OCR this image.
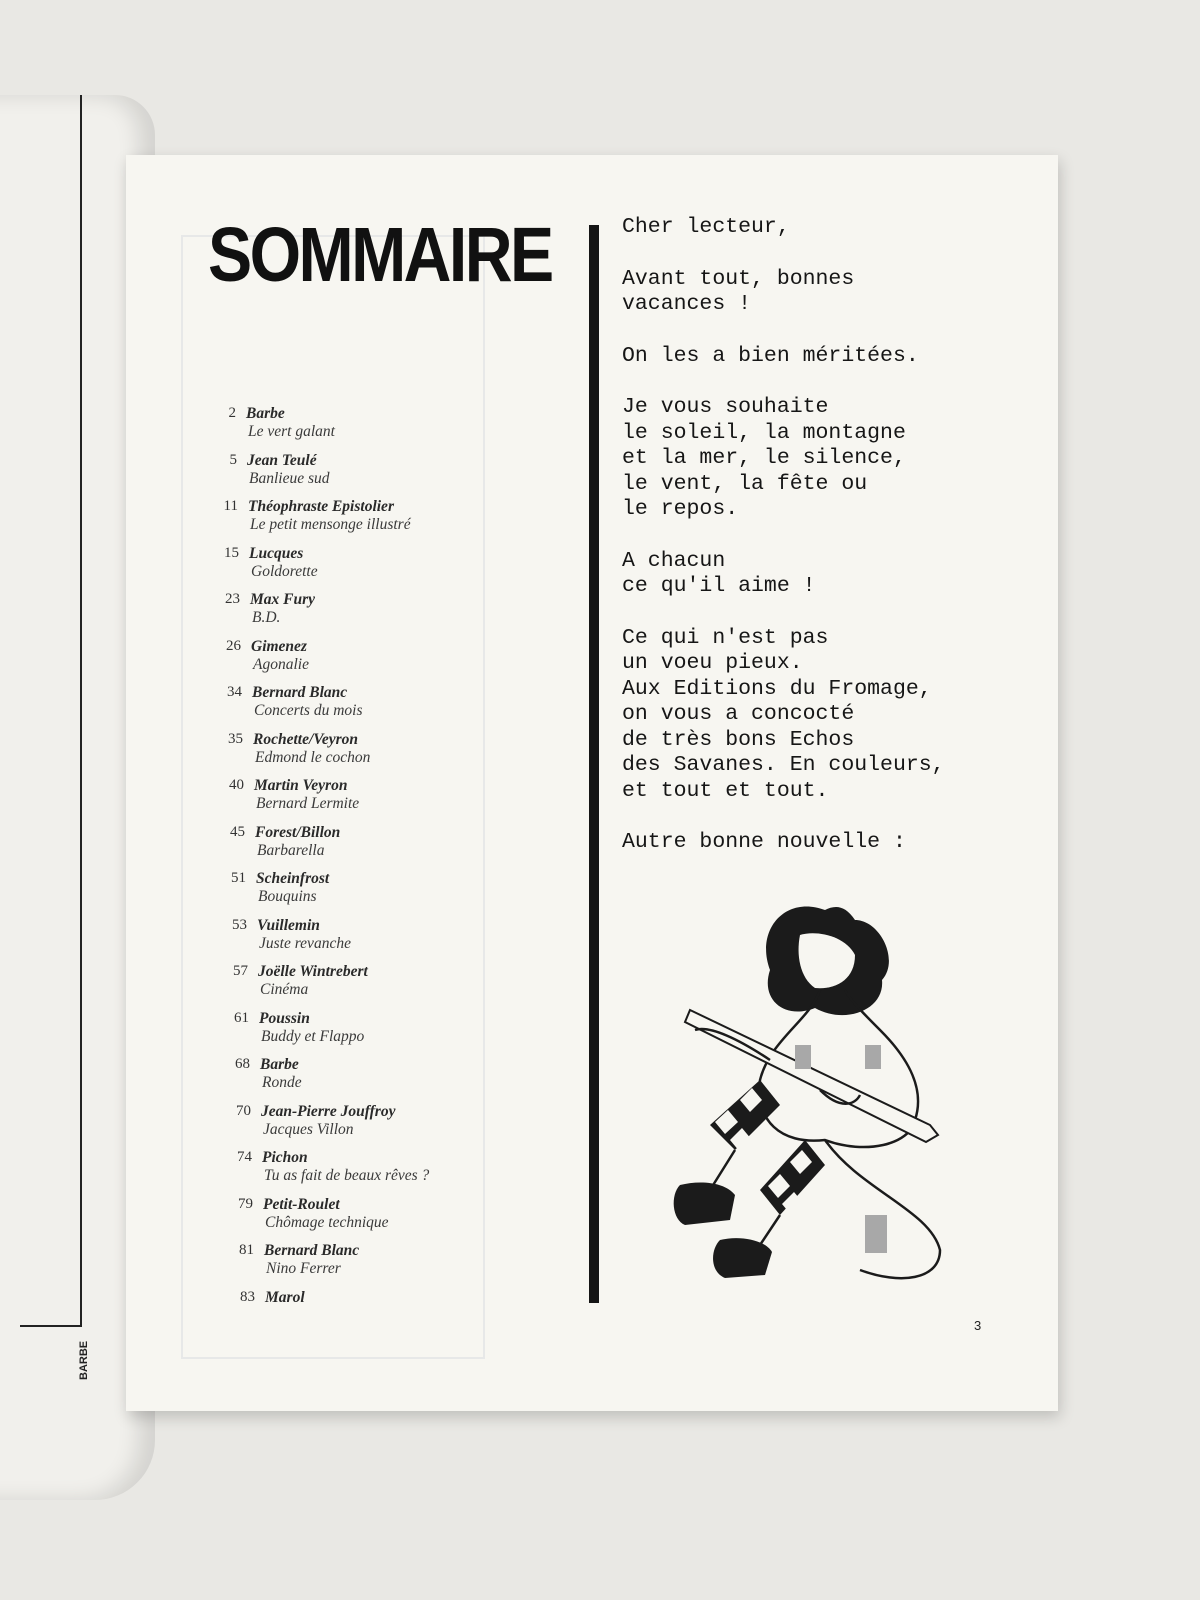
BARBE
SOMMAIRE
2 Barbe
Le vert galant
5 Jean Teulé
Banlieue sud
11 Théophraste Epistolier
Le petit mensonge illustré
15 Lucques
Goldorette
23 Max Fury
B.D.
26 Gimenez
Agonalie
34 Bernard Blanc
Concerts du mois
35 Rochette/Veyron
Edmond le cochon
40 Martin Veyron
Bernard Lermite
45 Forest/Billon
Barbarella
51 Scheinfrost
Bouquins
53 Vuillemin
Juste revanche
57 Joëlle Wintrebert
Cinéma
61 Poussin
Buddy et Flappo
68 Barbe
Ronde
70 Jean-Pierre Jouffroy
Jacques Villon
74 Pichon
Tu as fait de beaux rêves ?
79 Petit-Roulet
Chômage technique
81 Bernard Blanc
Nino Ferrer
83 Marol

Cher lecteur,

Avant tout, bonnes
vacances !

On les a bien méritées.

Je vous souhaite
le soleil, la montagne
et la mer, le silence,
le vent, la fête ou
le repos.

A chacun
ce qu'il aime !

Ce qui n'est pas
un voeu pieux.
Aux Editions du Fromage,
on vous a concocté
de très bons Echos
des Savanes. En couleurs,
et tout et tout.

Autre bonne nouvelle :

3
